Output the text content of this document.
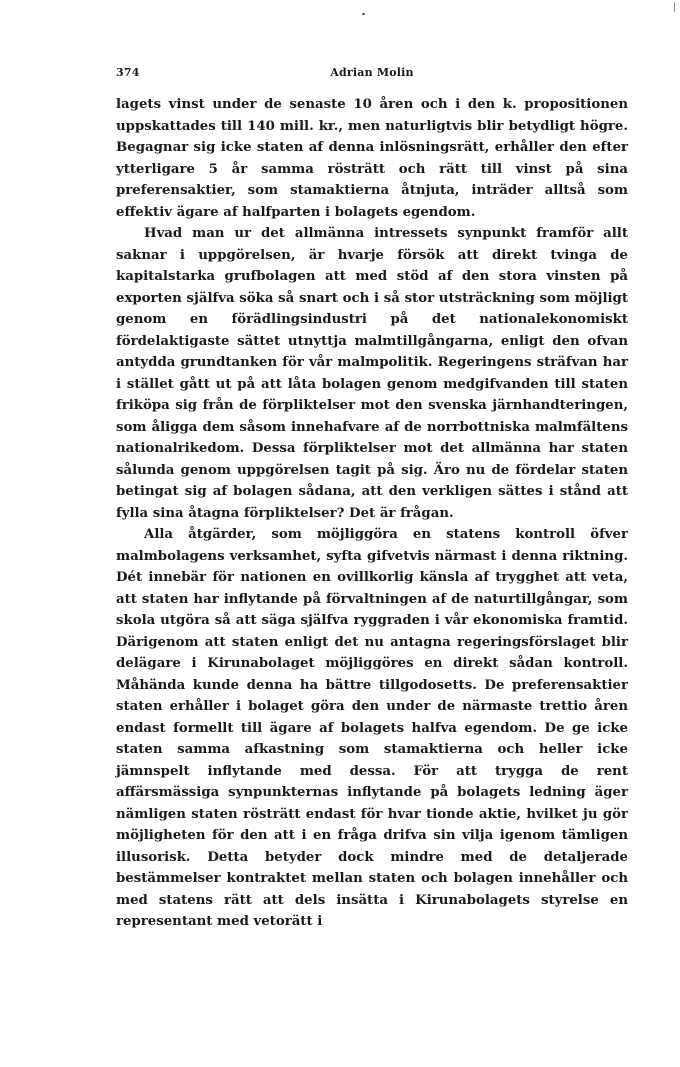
374	Adrian Molin

lagets vinst under de senaste 10 åren och i den k. propositionen uppskattades till 140 mill. kr., men naturligtvis blir betydligt högre. Begagnar sig icke staten af denna inlösningsrätt, erhåller den efter ytterligare 5 år samma rösträtt och rätt till vinst på sina preferensaktier, som stamaktierna åtnjuta, inträder alltså som effektiv ägare af halfparten i bolagets egendom.

Hvad man ur det allmänna intressets synpunkt framför allt saknar i uppgörelsen, är hvarje försök att direkt tvinga de kapitalstarka grufbolagen att med stöd af den stora vinsten på exporten själfva söka så snart och i så stor utsträckning som möjligt genom en förädlingsindustri på det nationalekonomiskt fördelaktigaste sättet utnyttja malmtillgångarna, enligt den ofvan antydda grundtanken för vår malmpolitik. Regeringens sträfvan har i stället gått ut på att låta bolagen genom medgifvanden till staten friköpa sig från de förpliktelser mot den svenska järnhandteringen, som åligga dem såsom innehafvare af de norrbottniska malmfältens nationalrikedom. Dessa förpliktelser mot det allmänna har staten sålunda genom uppgörelsen tagit på sig. Äro nu de fördelar staten betingat sig af bolagen sådana, att den verkligen sättes i stånd att fylla sina åtagna förpliktelser? Det är frågan.

Alla åtgärder, som möjliggöra en statens kontroll öfver malmbolagens verksamhet, syfta gifvetvis närmast i denna riktning. Dét innebär för nationen en ovillkorlig känsla af trygghet att veta, att staten har inflytande på förvaltningen af de naturtillgångar, som skola utgöra så att säga själfva ryggraden i vår ekonomiska framtid. Därigenom att staten enligt det nu antagna regeringsförslaget blir delägare i Kirunabolaget möjliggöres en direkt sådan kontroll. Måhända kunde denna ha bättre tillgodosetts. De preferensaktier staten erhåller i bolaget göra den under de närmaste trettio åren endast formellt till ägare af bolagets halfva egendom. De ge icke staten samma afkastning som stamaktierna och heller icke jämnspelt inflytande med dessa. För att trygga de rent affärsmässiga synpunkternas inflytande på bolagets ledning äger nämligen staten rösträtt endast för hvar tionde aktie, hvilket ju gör möjligheten för den att i en fråga drifva sin vilja igenom tämligen illusorisk. Detta betyder dock mindre med de detaljerade bestämmelser kontraktet mellan staten och bolagen innehåller och med statens rätt att dels insätta i Kirunabolagets styrelse en representant med vetorätt i
